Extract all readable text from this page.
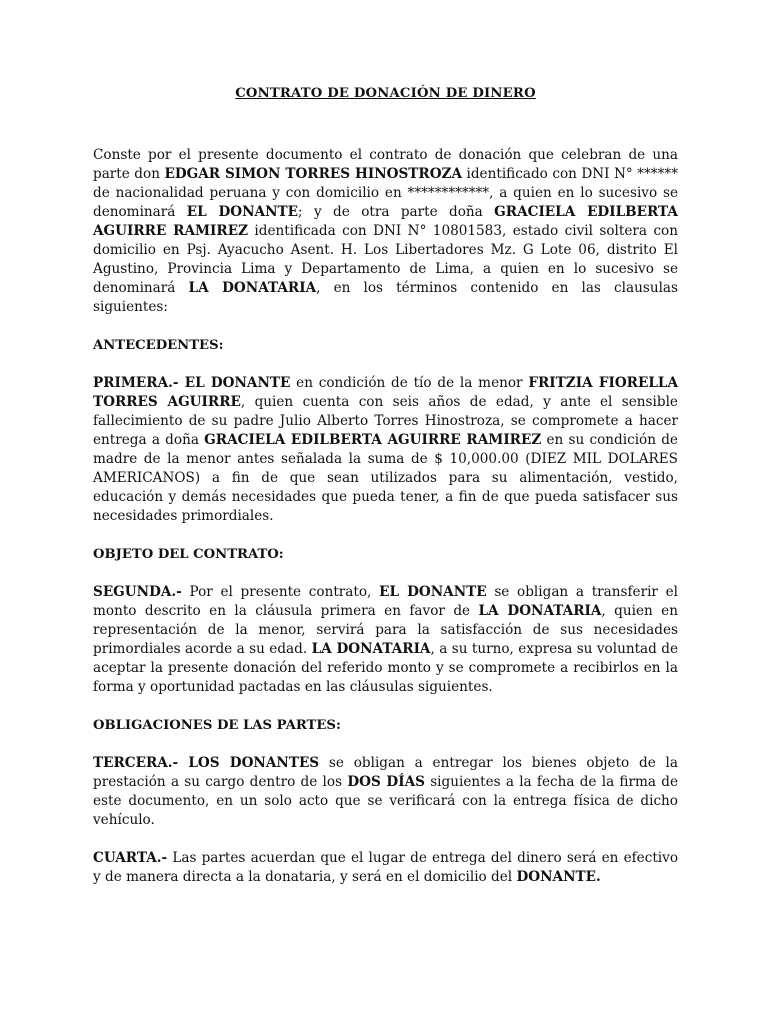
CONTRATO DE DONACIÓN DE DINERO

Conste por el presente documento el contrato de donación que celebran de una parte don EDGAR SIMON TORRES HINOSTROZA identificado con DNI N° ****** de nacionalidad peruana y con domicilio en ************, a quien en lo sucesivo se denominará EL DONANTE; y de otra parte doña GRACIELA EDILBERTA AGUIRRE RAMIREZ identificada con DNI N° 10801583, estado civil soltera con domicilio en Psj. Ayacucho Asent. H. Los Libertadores Mz. G Lote 06, distrito El Agustino, Provincia Lima y Departamento de Lima, a quien en lo sucesivo se denominará LA DONATARIA, en los términos contenido en las clausulas siguientes:

ANTECEDENTES:

PRIMERA.- EL DONANTE en condición de tío de la menor FRITZIA FIORELLA TORRES AGUIRRE, quien cuenta con seis años de edad, y ante el sensible fallecimiento de su padre Julio Alberto Torres Hinostroza, se compromete a hacer entrega a doña GRACIELA EDILBERTA AGUIRRE RAMIREZ en su condición de madre de la menor antes señalada la suma de $ 10,000.00 (DIEZ MIL DOLARES AMERICANOS) a fin de que sean utilizados para su alimentación, vestido, educación y demás necesidades que pueda tener, a fin de que pueda satisfacer sus necesidades primordiales.

OBJETO DEL CONTRATO:

SEGUNDA.- Por el presente contrato, EL DONANTE se obligan a transferir el monto descrito en la cláusula primera en favor de LA DONATARIA, quien en representación de la menor, servirá para la satisfacción de sus necesidades primordiales acorde a su edad. LA DONATARIA, a su turno, expresa su voluntad de aceptar la presente donación del referido monto y se compromete a recibirlos en la forma y oportunidad pactadas en las cláusulas siguientes.

OBLIGACIONES DE LAS PARTES:

TERCERA.- LOS DONANTES se obligan a entregar los bienes objeto de la prestación a su cargo dentro de los DOS DÍAS siguientes a la fecha de la firma de este documento, en un solo acto que se verificará con la entrega física de dicho vehículo.

CUARTA.- Las partes acuerdan que el lugar de entrega del dinero será en efectivo y de manera directa a la donataria, y será en el domicilio del DONANTE.
